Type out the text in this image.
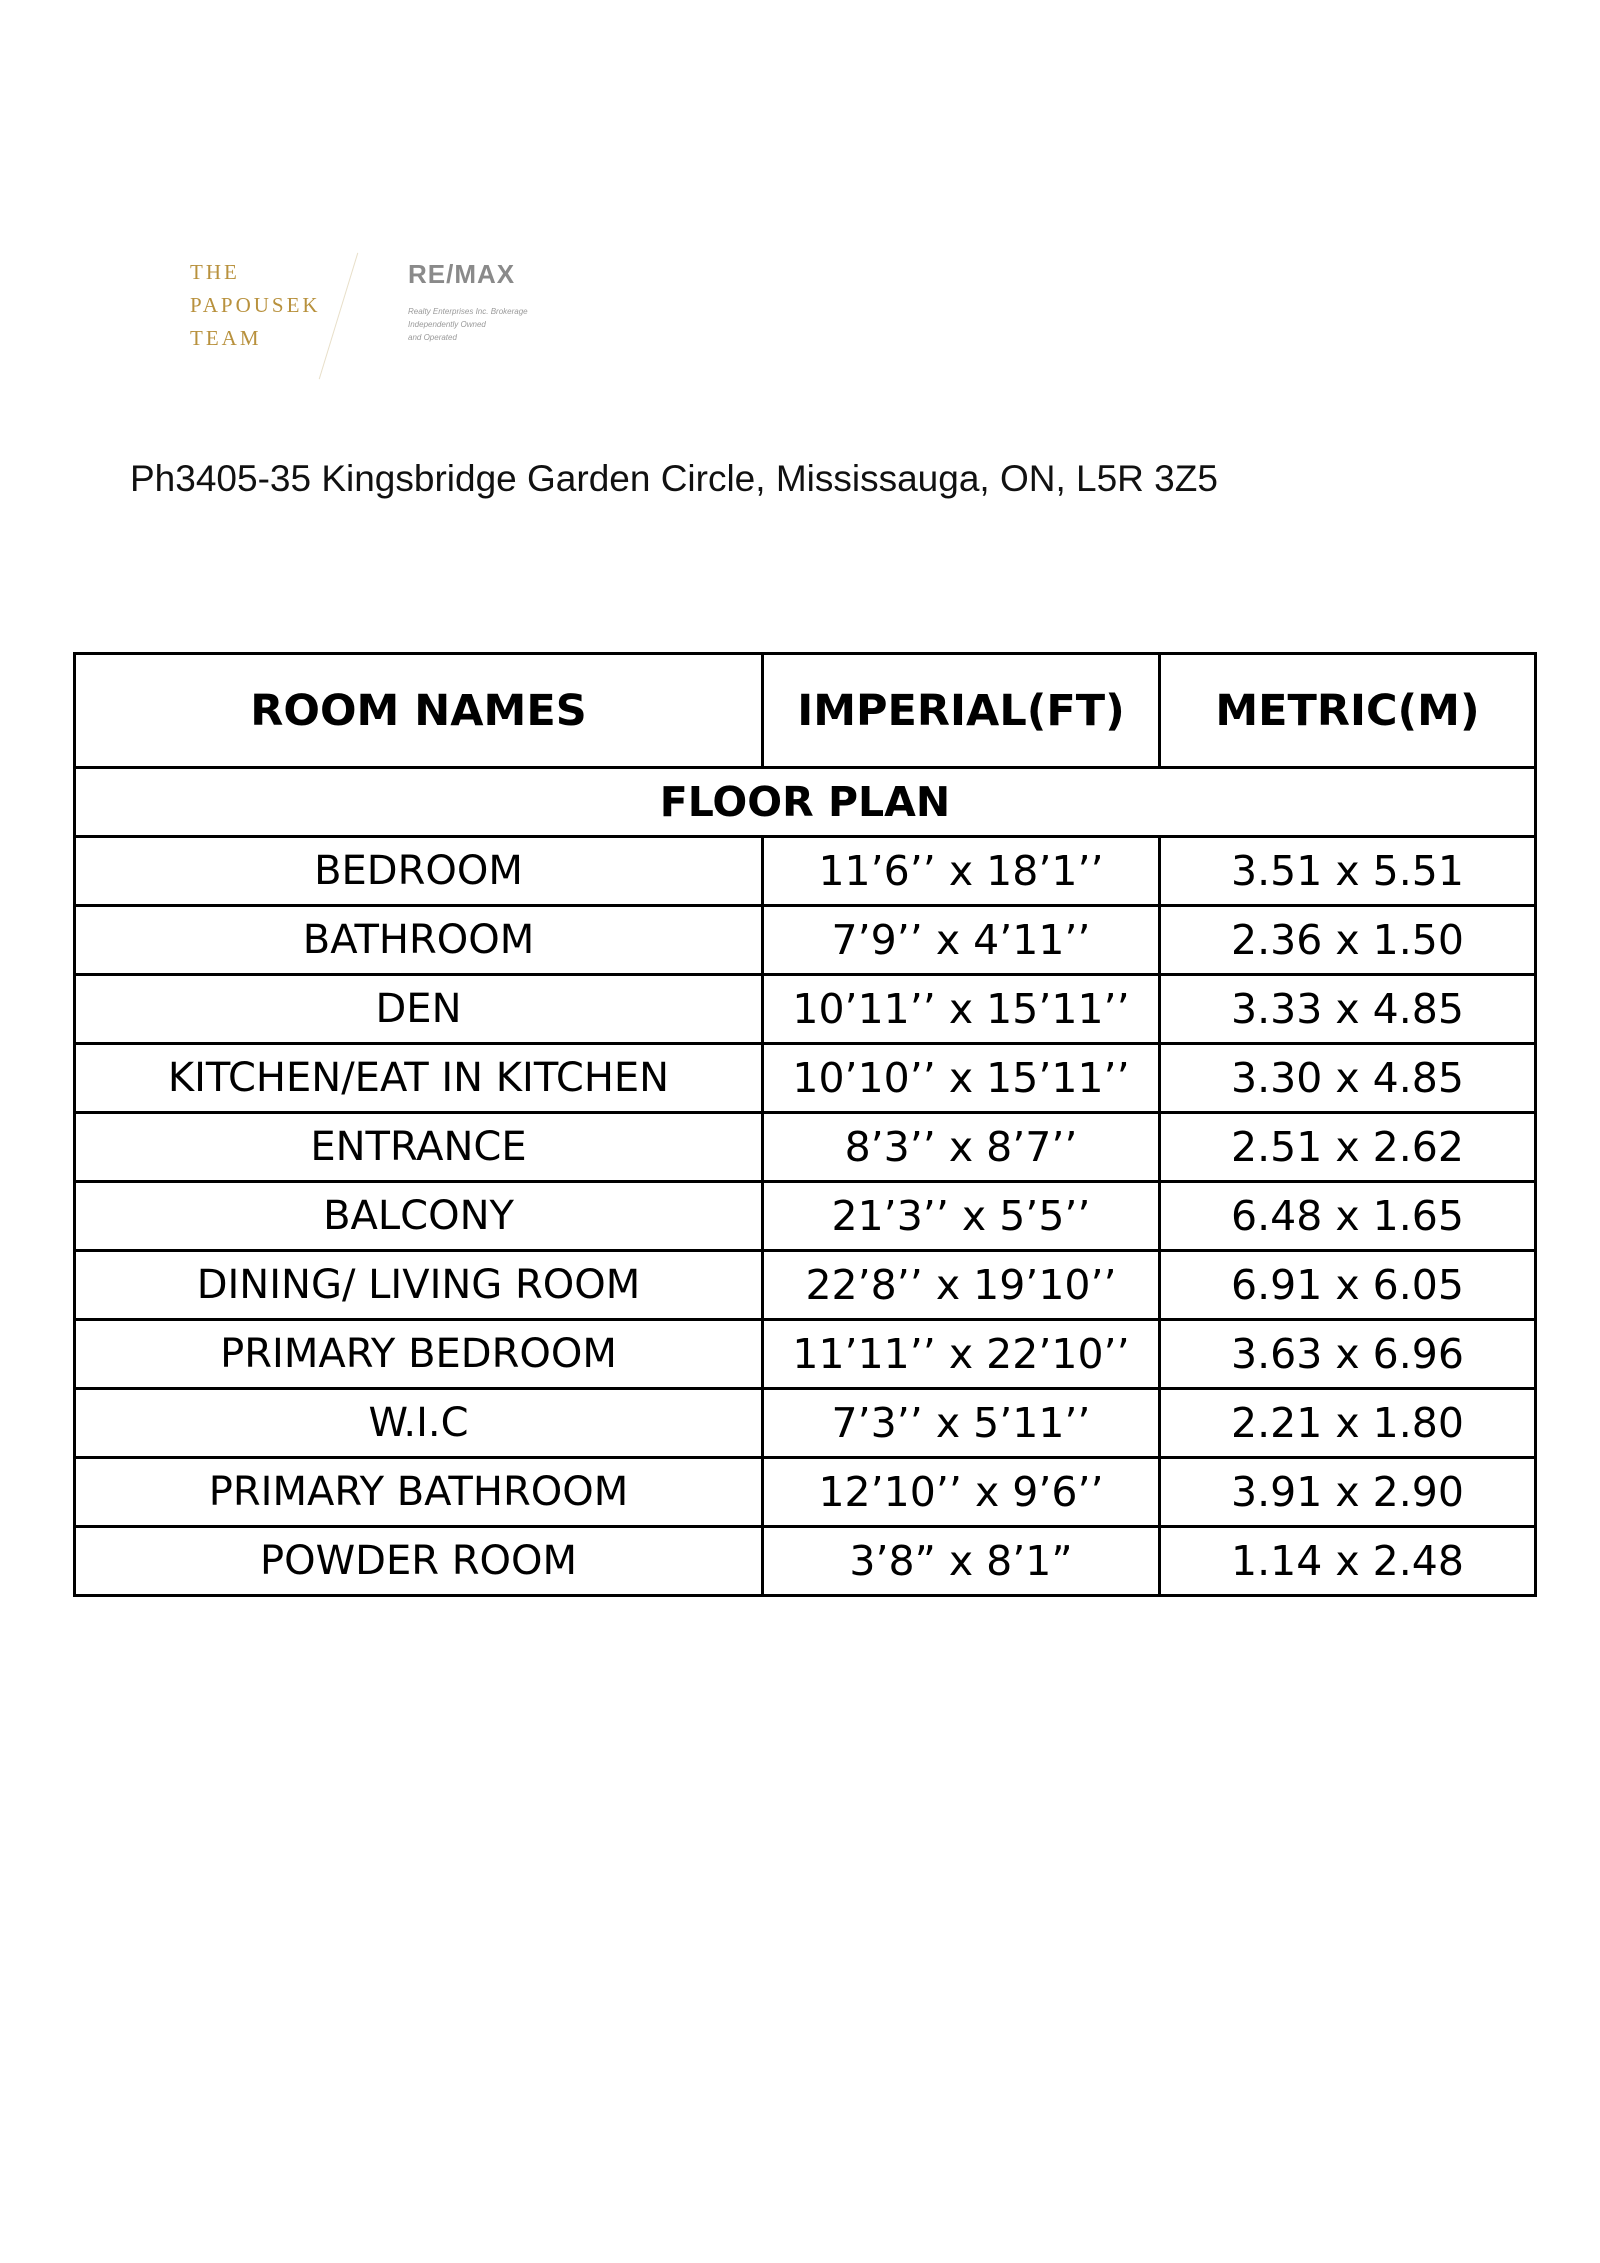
THE
PAPOUSEK
TEAM
RE/MAX
Realty Enterprises Inc. Brokerage
Independently Owned
and Operated
Ph3405-35 Kingsbridge Garden Circle, Mississauga, ON, L5R 3Z5
ROOM NAMES	IMPERIAL(FT)	METRIC(M)
FLOOR PLAN		
BEDROOM	11’6’’ x 18’1’’	3.51 x 5.51
BATHROOM	7’9’’ x 4’11’’	2.36 x 1.50
DEN	10’11’’ x 15’11’’	3.33 x 4.85
KITCHEN/EAT IN KITCHEN	10’10’’ x 15’11’’	3.30 x 4.85
ENTRANCE	8’3’’ x 8’7’’	2.51 x 2.62
BALCONY	21’3’’ x 5’5’’	6.48 x 1.65
DINING/ LIVING ROOM	22’8’’ x 19’10’’	6.91 x 6.05
PRIMARY BEDROOM	11’11’’ x 22’10’’	3.63 x 6.96
W.I.C	7’3’’ x 5’11’’	2.21 x 1.80
PRIMARY BATHROOM	12’10’’ x 9’6’’	3.91 x 2.90
POWDER ROOM	3’8” x 8’1”	1.14 x 2.48
